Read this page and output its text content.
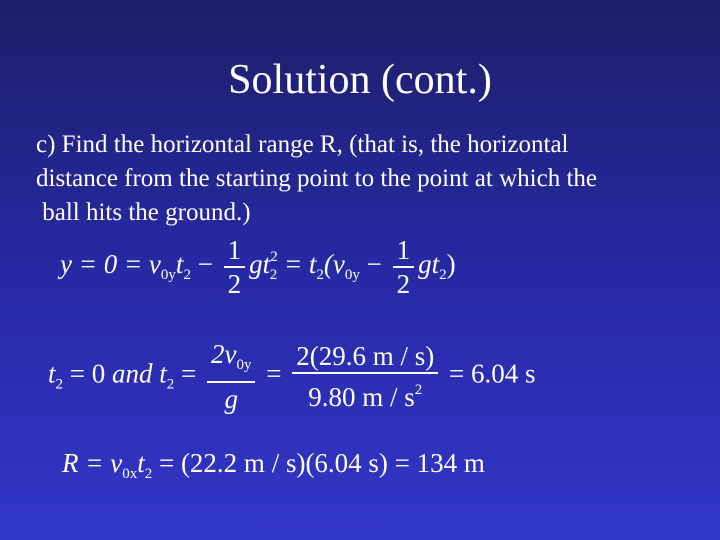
Solution (cont.)
c) Find the horizontal range R, (that is, the horizontal
distance from the starting point to the point at which the
ball hits the ground.)
$y = 0 = v_{0y}t_2 - \frac{1}{2} gt^2_2 = t_2(v_{0y} - \frac{1}{2} gt_2)$
$t_2 = 0$ and $t_2 = \frac{2v_{0y}}{g} = \frac{2(29.6 m / s)}{9.80 m / s^2} = 6.04$ s
$R = v_{0x}t_2 = (22.2$ m / s)(6.04 s) = 134 m
